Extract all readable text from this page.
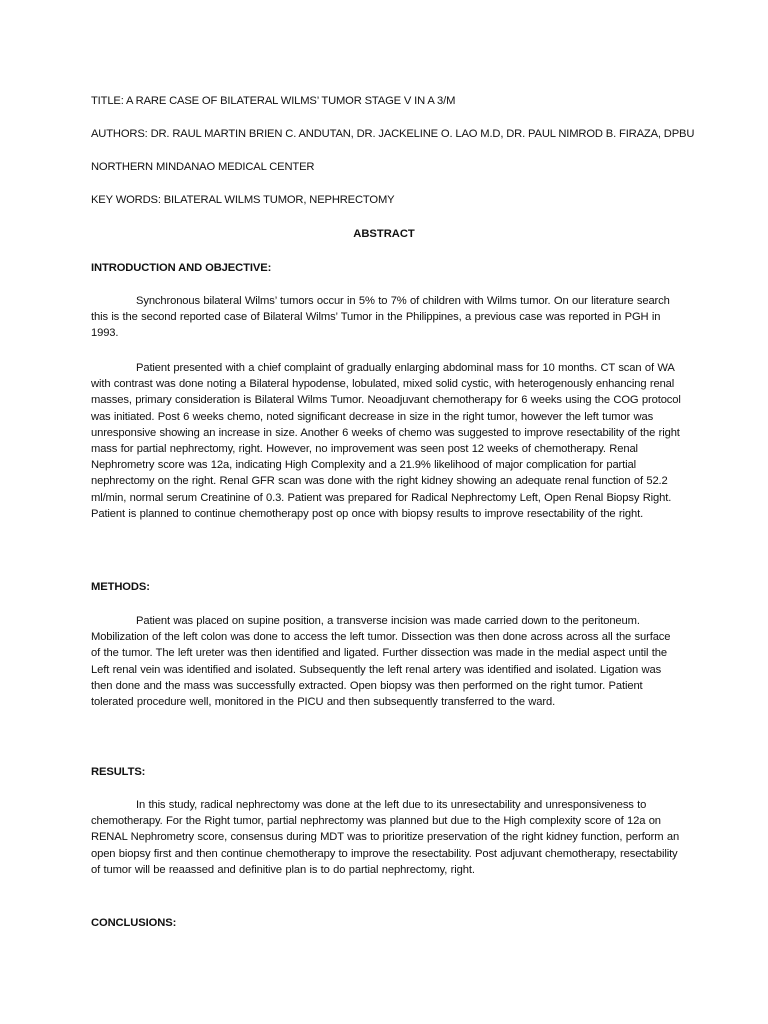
TITLE: A RARE CASE OF BILATERAL WILMS’ TUMOR STAGE V IN A 3/M
AUTHORS: DR. RAUL MARTIN BRIEN C. ANDUTAN, DR. JACKELINE O. LAO M.D, DR. PAUL NIMROD B. FIRAZA, DPBU
NORTHERN MINDANAO MEDICAL CENTER
KEY WORDS: BILATERAL WILMS TUMOR, NEPHRECTOMY
ABSTRACT
INTRODUCTION AND OBJECTIVE:

Synchronous bilateral Wilms’ tumors occur in 5% to 7% of children with Wilms tumor. On our literature search this is the second reported case of Bilateral Wilms’ Tumor in the Philippines, a previous case was reported in PGH in 1993.

Patient presented with a chief complaint of gradually enlarging abdominal mass for 10 months. CT scan of WA with contrast was done noting a Bilateral hypodense, lobulated, mixed solid cystic, with heterogenously enhancing renal masses, primary consideration is Bilateral Wilms Tumor. Neoadjuvant chemotherapy for 6 weeks using the COG protocol was initiated. Post 6 weeks chemo, noted significant decrease in size in the right tumor, however the left tumor was unresponsive showing an increase in size. Another 6 weeks of chemo was suggested to improve resectability of the right mass for partial nephrectomy, right. However, no improvement was seen post 12 weeks of chemotherapy. Renal Nephrometry score was 12a, indicating High Complexity and a 21.9% likelihood of major complication for partial nephrectomy on the right. Renal GFR scan was done with the right kidney showing an adequate renal function of 52.2 ml/min, normal serum Creatinine of 0.3. Patient was prepared for Radical Nephrectomy Left, Open Renal Biopsy Right. Patient is planned to continue chemotherapy post op once with biopsy results to improve resectability of the right.

METHODS:

Patient was placed on supine position, a transverse incision was made carried down to the peritoneum. Mobilization of the left colon was done to access the left tumor. Dissection was then done across across all the surface of the tumor. The left ureter was then identified and ligated. Further dissection was made in the medial aspect until the Left renal vein was identified and isolated. Subsequently the left renal artery was identified and isolated. Ligation was then done and the mass was successfully extracted. Open biopsy was then performed on the right tumor. Patient tolerated procedure well, monitored in the PICU and then subsequently transferred to the ward.

RESULTS:

In this study, radical nephrectomy was done at the left due to its unresectability and unresponsiveness to chemotherapy. For the Right tumor, partial nephrectomy was planned but due to the High complexity score of 12a on RENAL Nephrometry score, consensus during MDT was to prioritize preservation of the right kidney function, perform an open biopsy first and then continue chemotherapy to improve the resectability. Post adjuvant chemotherapy, resectability of tumor will be reaassed and definitive plan is to do partial nephrectomy, right.

CONCLUSIONS:
